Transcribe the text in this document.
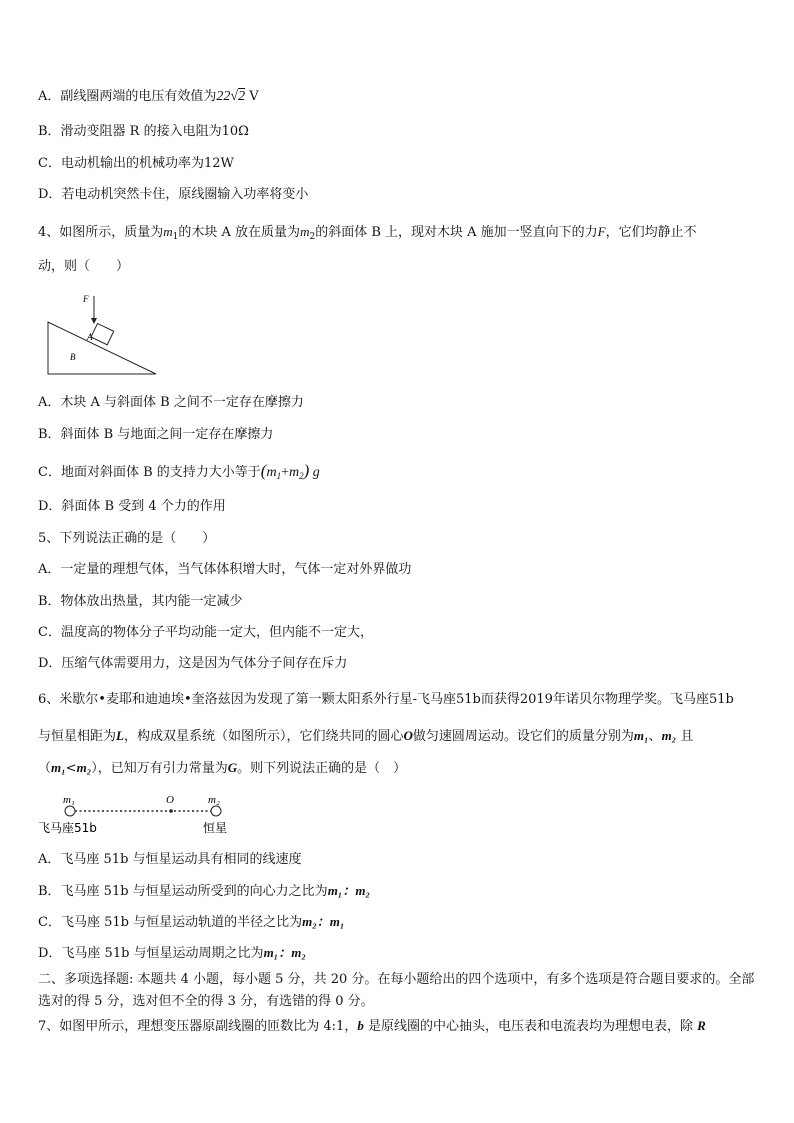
A．副线圈两端的电压有效值为22√2 V
B．滑动变阻器 R 的接入电阻为10Ω
C．电动机输出的机械功率为12W
D．若电动机突然卡住，原线圈输入功率将变小
4、如图所示，质量为$m_1$的木块 A 放在质量为$m_2$的斜面体 B 上，现对木块 A 施加一竖直向下的力F，它们均静止不
动，则（　　）
F
A
B
A．木块 A 与斜面体 B 之间不一定存在摩擦力
B．斜面体 B 与地面之间一定存在摩擦力
C．地面对斜面体 B 的支持力大小等于$(m_1+m_2)$ g
D．斜面体 B 受到 4 个力的作用
5、下列说法正确的是（　　）
A．一定量的理想气体，当气体体积增大时，气体一定对外界做功
B．物体放出热量，其内能一定减少
C．温度高的物体分子平均动能一定大，但内能不一定大，
D．压缩气体需要用力，这是因为气体分子间存在斥力
6、米歇尔•麦耶和迪迪埃•奎洛兹因为发现了第一颗太阳系外行星-飞马座51b而获得2019年诺贝尔物理学奖。飞马座51b
与恒星相距为L，构成双星系统（如图所示），它们绕共同的圆心O做匀速圆周运动。设它们的质量分别为m₁、m₂ 且
（m₁<m₂），已知万有引力常量为G。则下列说法正确的是（　）
m₁	O	m₂
飞马座51b	恒星
A．飞马座 51b 与恒星运动具有相同的线速度
B．飞马座 51b 与恒星运动所受到的向心力之比为m₁：m₂
C．飞马座 51b 与恒星运动轨道的半径之比为m₂：m₁
D．飞马座 51b 与恒星运动周期之比为m₁：m₂
二、多项选择题: 本题共 4 小题，每小题 5 分，共 20 分。在每小题给出的四个选项中，有多个选项是符合题目要求的。全部选对的得 5 分，选对但不全的得 3 分，有选错的得 0 分。
7、如图甲所示，理想变压器原副线圈的匝数比为 4:1，b 是原线圈的中心抽头，电压表和电流表均为理想电表，除 R
